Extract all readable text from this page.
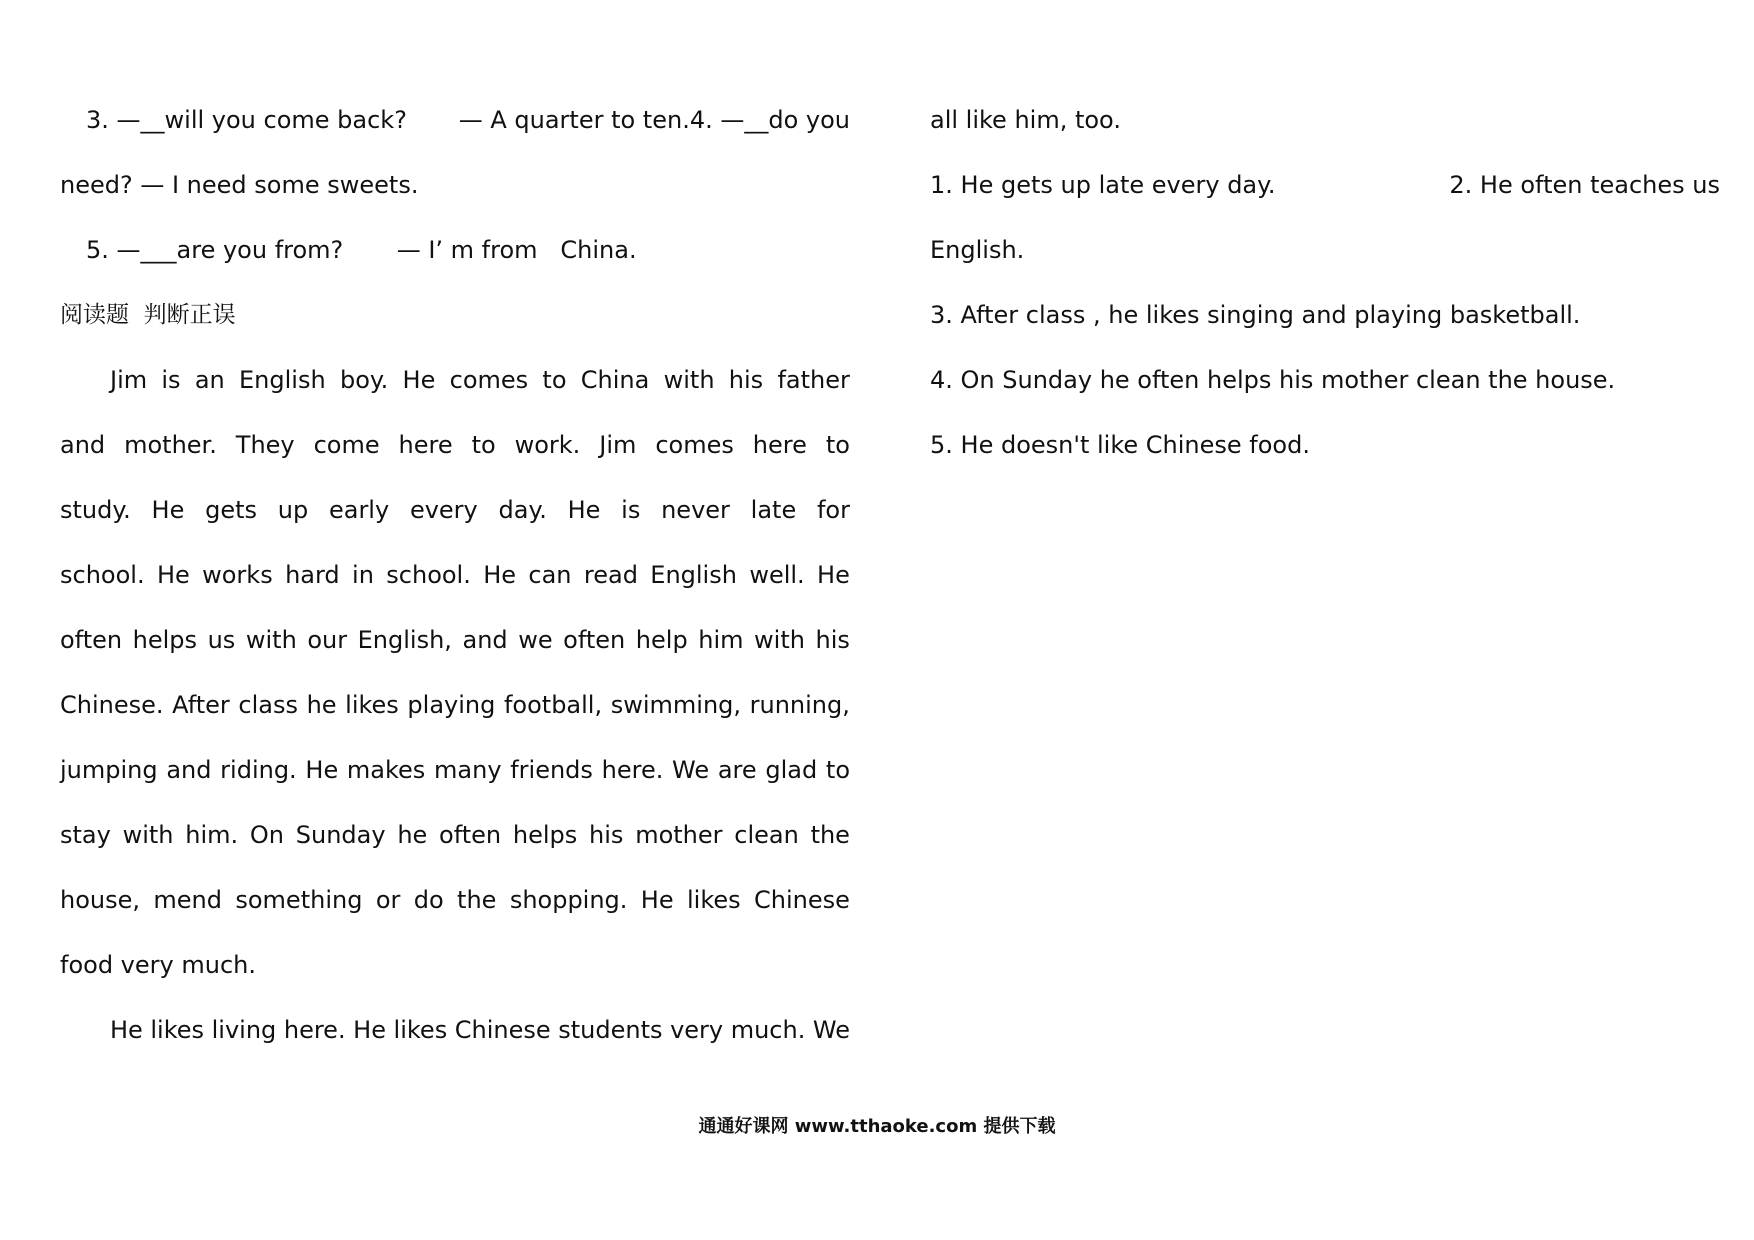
3. —__will you come back? — A quarter to ten.4. —__do you
need? — I need some sweets.
5. —___are you from?       — I’ m from   China.
阅读题  判断正误
Jim is an English boy. He comes to China with his father
and mother. They come here to work. Jim comes here to
study. He gets up early every day. He is never late for
school. He works hard in school. He can read English well. He
often helps us with our English, and we often help him with his
Chinese. After class he likes playing football, swimming, running,
jumping and riding. He makes many friends here. We are glad to
stay with him. On Sunday he often helps his mother clean the
house, mend something or do the shopping. He likes Chinese
food very much.
He likes living here. He likes Chinese students very much. We
all like him, too.
1. He gets up late every day.	2. He often teaches us
English.
3. After class , he likes singing and playing basketball.
4. On Sunday he often helps his mother clean the house.
5. He doesn't like Chinese food.
通通好课网 www.tthaoke.com 提供下载
